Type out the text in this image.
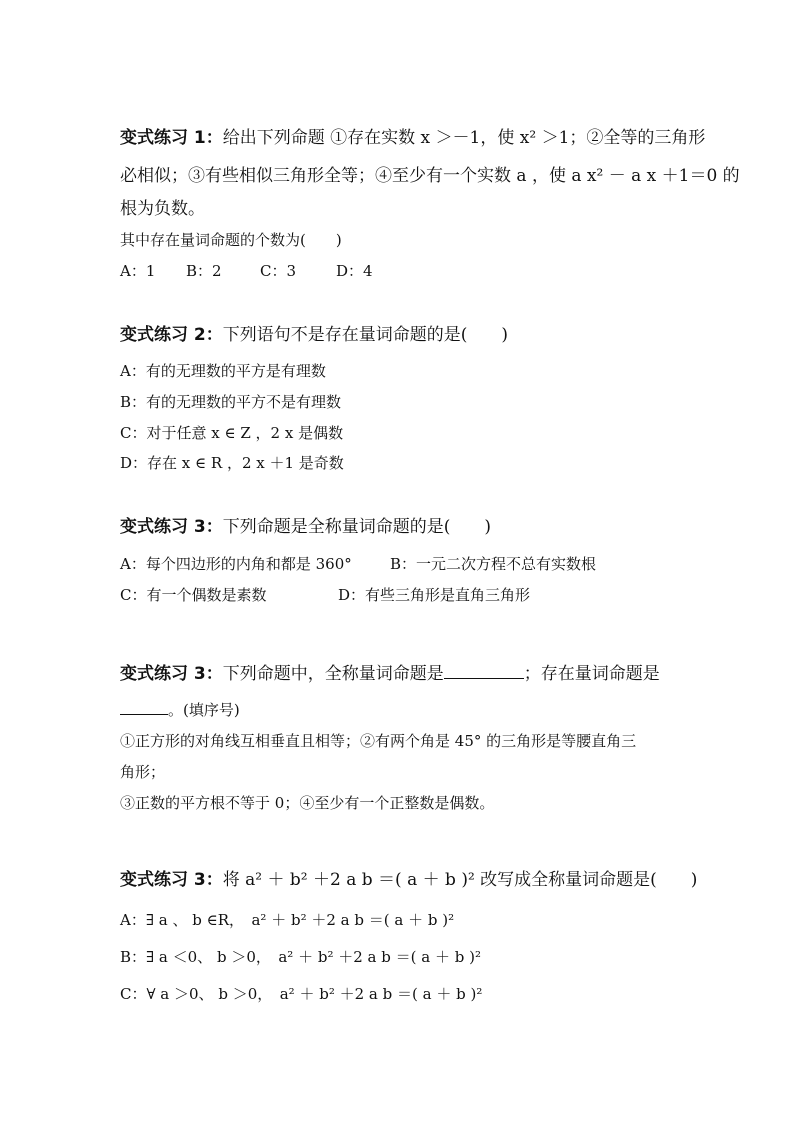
变式练习 1：给出下列命题 ①存在实数 x ＞－1，使 x² ＞1；②全等的三角形
必相似；③有些相似三角形全等；④至少有一个实数 a ，使 a x² － a x ＋1＝0 的
根为负数。
其中存在量词命题的个数为(　　)
A：1 B：2	C：3	D：4
变式练习 2：下列语句不是存在量词命题的是(　　)
A：有的无理数的平方是有理数
B：有的无理数的平方不是有理数
C：对于任意 x ∈ Z ，2 x 是偶数
D：存在 x ∈ R ，2 x ＋1 是奇数
变式练习 3：下列命题是全称量词命题的是(　　)
A：每个四边形的内角和都是 360°	B：一元二次方程不总有实数根
C：有一个偶数是素数	D：有些三角形是直角三角形
变式练习 3：下列命题中，全称量词命题是	；存在量词命题是
。(填序号)
①正方形的对角线互相垂直且相等；②有两个角是 45° 的三角形是等腰直角三
角形；
③正数的平方根不等于 0；④至少有一个正整数是偶数。
变式练习 3：将 a² ＋ b² ＋2 a b ＝( a ＋ b )² 改写成全称量词命题是(　　)
A：∃ a 、 b ∈R，　a² ＋ b² ＋2 a b ＝( a ＋ b )²
B：∃ a ＜0、 b ＞0，　a² ＋ b² ＋2 a b ＝( a ＋ b )²
C：∀ a ＞0、 b ＞0，　a² ＋ b² ＋2 a b ＝( a ＋ b )²
